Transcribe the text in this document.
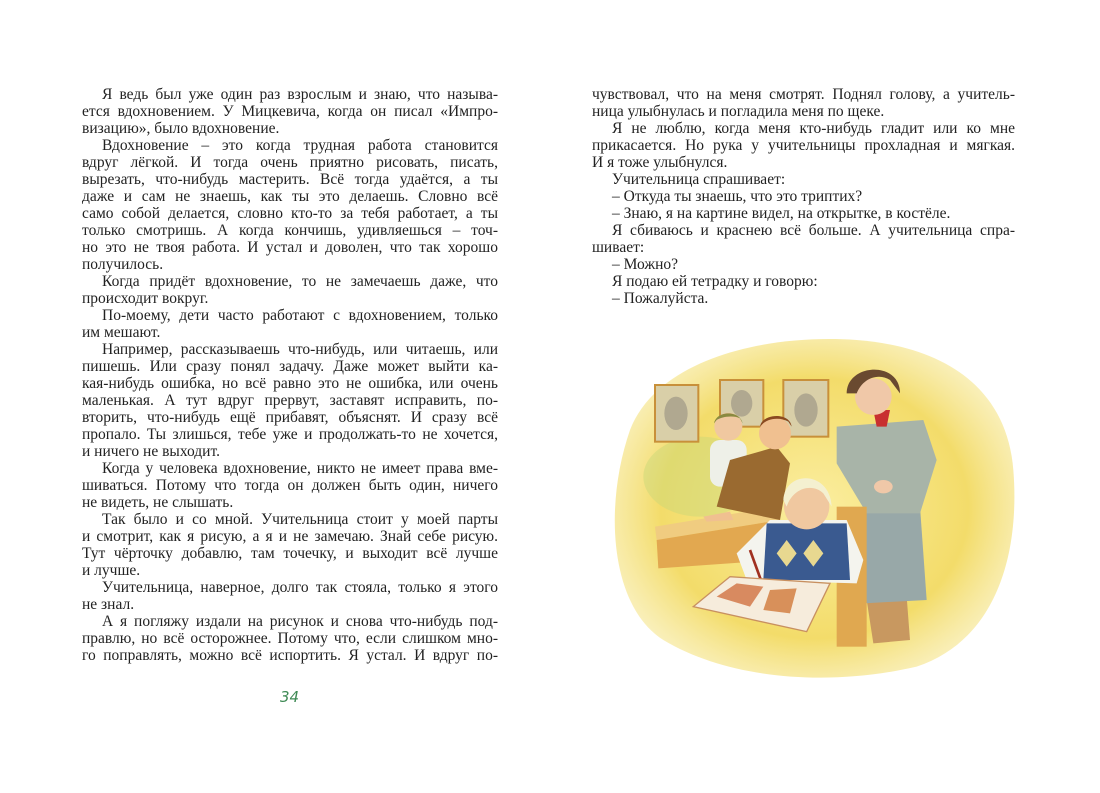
Я ведь был уже один раз взрослым и знаю, что называ-
ется вдохновением. У Мицкевича, когда он писал «Импро-
визацию», было вдохновение.
Вдохновение – это когда трудная работа становится
вдруг лёгкой. И тогда очень приятно рисовать, писать,
вырезать, что-нибудь мастерить. Всё тогда удаётся, а ты
даже и сам не знаешь, как ты это делаешь. Словно всё
само собой делается, словно кто-то за тебя работает, а ты
только смотришь. А когда кончишь, удивляешься – точ-
но это не твоя работа. И устал и доволен, что так хорошо
получилось.
Когда придёт вдохновение, то не замечаешь даже, что
происходит вокруг.
По-моему, дети часто работают с вдохновением, только
им мешают.
Например, рассказываешь что-нибудь, или читаешь, или
пишешь. Или сразу понял задачу. Даже может выйти ка-
кая-нибудь ошибка, но всё равно это не ошибка, или очень
маленькая. А тут вдруг прервут, заставят исправить, по-
вторить, что-нибудь ещё прибавят, объяснят. И сразу всё
пропало. Ты злишься, тебе уже и продолжать-то не хочется,
и ничего не выходит.
Когда у человека вдохновение, никто не имеет права вме-
шиваться. Потому что тогда он должен быть один, ничего
не видеть, не слышать.
Так было и со мной. Учительница стоит у моей парты
и смотрит, как я рисую, а я и не замечаю. Знай себе рисую.
Тут чёрточку добавлю, там точечку, и выходит всё лучше
и лучше.
Учительница, наверное, долго так стояла, только я этого
не знал.
А я погляжу издали на рисунок и снова что-нибудь под-
правлю, но всё осторожнее. Потому что, если слишком мно-
го поправлять, можно всё испортить. Я устал. И вдруг по-
чувствовал, что на меня смотрят. Поднял голову, а учитель-
ница улыбнулась и погладила меня по щеке.
Я не люблю, когда меня кто-нибудь гладит или ко мне
прикасается. Но рука у учительницы прохладная и мягкая.
И я тоже улыбнулся.
Учительница спрашивает:
– Откуда ты знаешь, что это триптих?
– Знаю, я на картине видел, на открытке, в костёле.
Я сбиваюсь и краснею всё больше. А учительница спра-
шивает:
– Можно?
Я подаю ей тетрадку и говорю:
– Пожалуйста.
34
